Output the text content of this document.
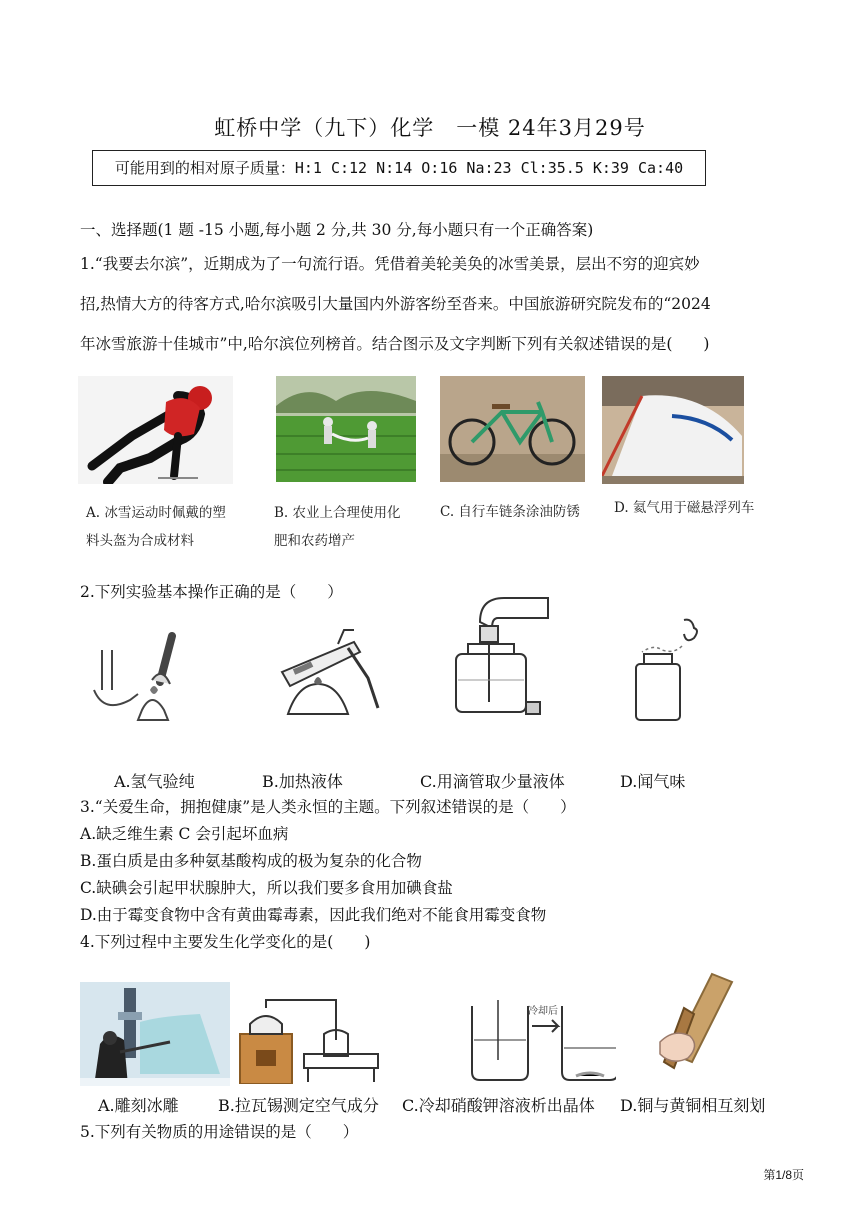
虹桥中学（九下）化学　一模 24年3月29号
可能用到的相对原子质量：H:1 C:12 N:14 O:16 Na:23 Cl:35.5 K:39 Ca:40
一、选择题(1 题 -15 小题,每小题 2 分,共 30 分,每小题只有一个正确答案)
1.“我要去尔滨”，近期成为了一句流行语。凭借着美轮美奂的冰雪美景，层出不穷的迎宾妙
招,热情大方的待客方式,哈尔滨吸引大量国内外游客纷至沓来。中国旅游研究院发布的“2024
年冰雪旅游十佳城市”中,哈尔滨位列榜首。结合图示及文字判断下列有关叙述错误的是(　　)
A. 冰雪运动时佩戴的塑
料头盔为合成材料
B. 农业上合理使用化
肥和农药增产
C. 自行车链条涂油防锈	D. 氦气用于磁悬浮列车
2.下列实验基本操作正确的是（　　）
A.氢气验纯	B.加热液体	C.用滴管取少量液体	D.闻气味
3.“关爱生命，拥抱健康”是人类永恒的主题。下列叙述错误的是（　　）
A.缺乏维生素 C 会引起坏血病
B.蛋白质是由多种氨基酸构成的极为复杂的化合物
C.缺碘会引起甲状腺肿大，所以我们要多食用加碘食盐
D.由于霉变食物中含有黄曲霉毒素，因此我们绝对不能食用霉变食物
4.下列过程中主要发生化学变化的是(　　)
冷却后
A.雕刻冰雕 B.拉瓦锡测定空气成分 C.冷却硝酸钾溶液析出晶体 D.铜与黄铜相互刻划
5.下列有关物质的用途错误的是（　　）
第1/8页
